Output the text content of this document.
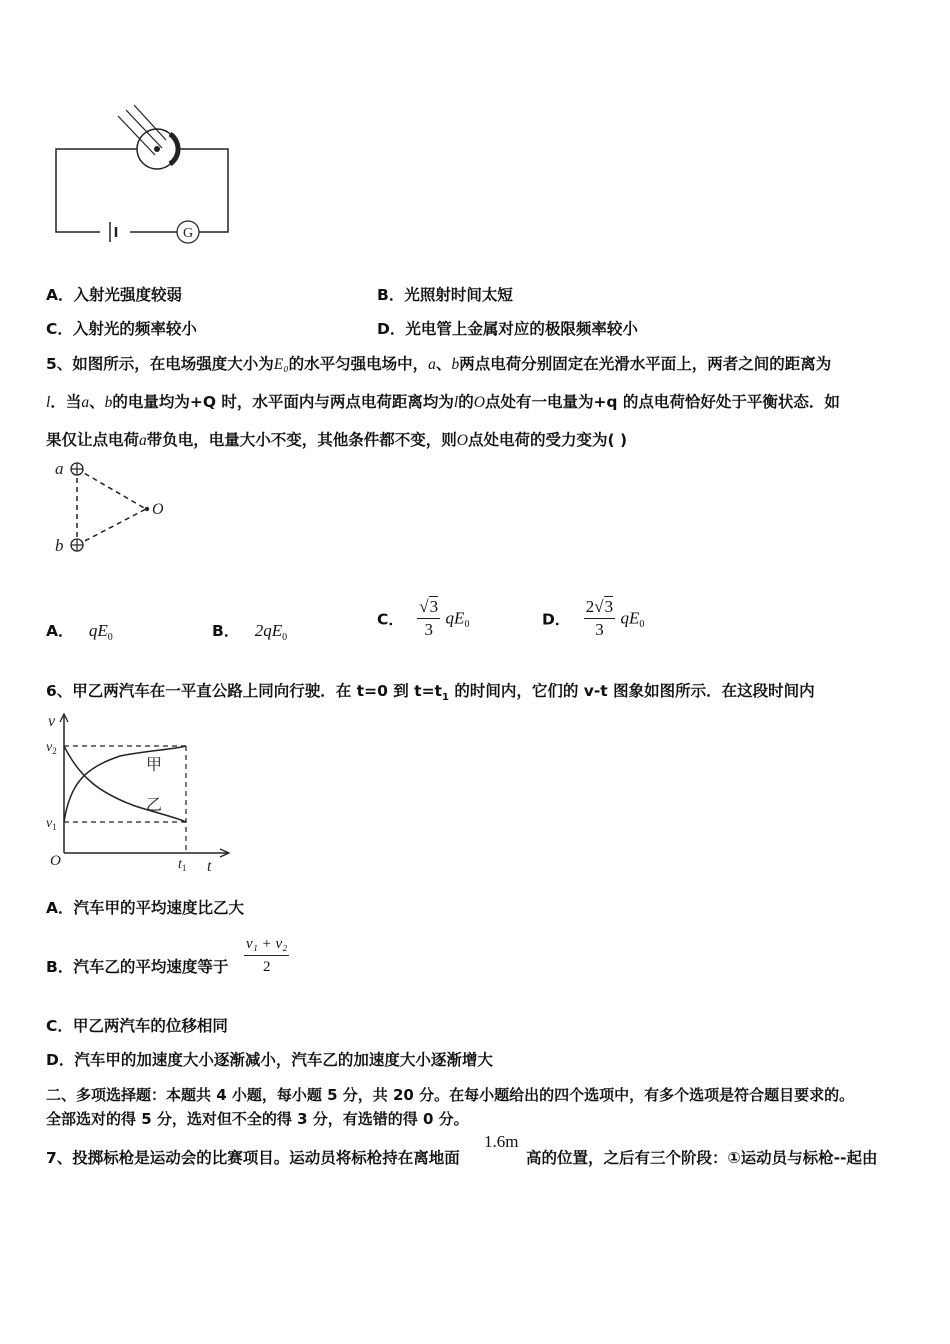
G
A．入射光强度较弱	B．光照射时间太短
C．入射光的频率较小	D．光电管上金属对应的极限频率较小
5、如图所示，在电场强度大小为E₀的水平匀强电场中，a、b两点电荷分别固定在光滑水平面上，两者之间的距离为
l．当a、b的电量均为+Q 时，水平面内与两点电荷距离均为l的O点处有一电量为+q 的点电荷恰好处于平衡状态．如
果仅让点电荷a带负电，电量大小不变，其他条件都不变，则O点处电荷的受力变为( )
a
b
O
A． $qE_0$	B． $2qE_0$
C． $\frac{√3}{3} qE_0$	D． $\frac{2√3}{3} qE_0$
6、甲乙两汽车在一平直公路上同向行驶．在 t=0 到 $t=t_1$ 的时间内，它们的 v-t 图象如图所示．在这段时间内
v
t
O
$v_2$
$v_1$
$t_1$
甲
乙
A．汽车甲的平均速度比乙大
B．汽车乙的平均速度等于 $\frac{\text{v₁ + v₂}}{2}$
C．甲乙两汽车的位移相同
D．汽车甲的加速度大小逐渐减小，汽车乙的加速度大小逐渐增大
二、多项选择题：本题共 4 小题，每小题 5 分，共 20 分。在每小题给出的四个选项中，有多个选项是符合题目要求的。
全部选对的得 5 分，选对但不全的得 3 分，有选错的得 0 分。
7、投掷标枪是运动会的比赛项目。运动员将标枪持在离地面
1.6m
高的位置，之后有三个阶段：①运动员与标枪--起由
